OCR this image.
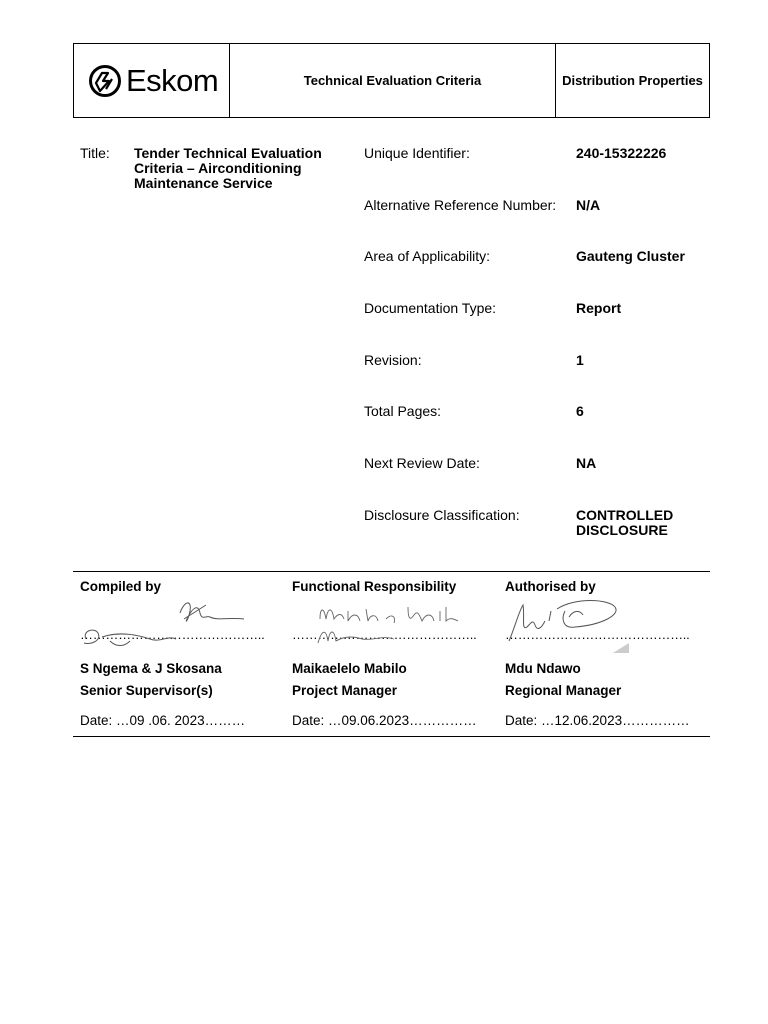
Eskom	Technical Evaluation Criteria	Distribution Properties
Title: Tender Technical Evaluation Criteria – Airconditioning Maintenance Service
Unique Identifier:	240-15322226
Alternative Reference Number: N/A
Area of Applicability:	Gauteng Cluster
Documentation Type:	Report
Revision:	1
Total Pages:	6
Next Review Date:	NA
Disclosure Classification:	CONTROLLED DISCLOSURE
Compiled by
……………………………………..
S Ngema & J Skosana
Senior Supervisor(s)
Date: …09 .06. 2023………
Functional Responsibility
……………………………………..
Maikaelelo Mabilo
Project Manager
Date: …09.06.2023……………
Authorised by
……………………………………..
Mdu Ndawo
Regional Manager
Date: …12.06.2023……………
